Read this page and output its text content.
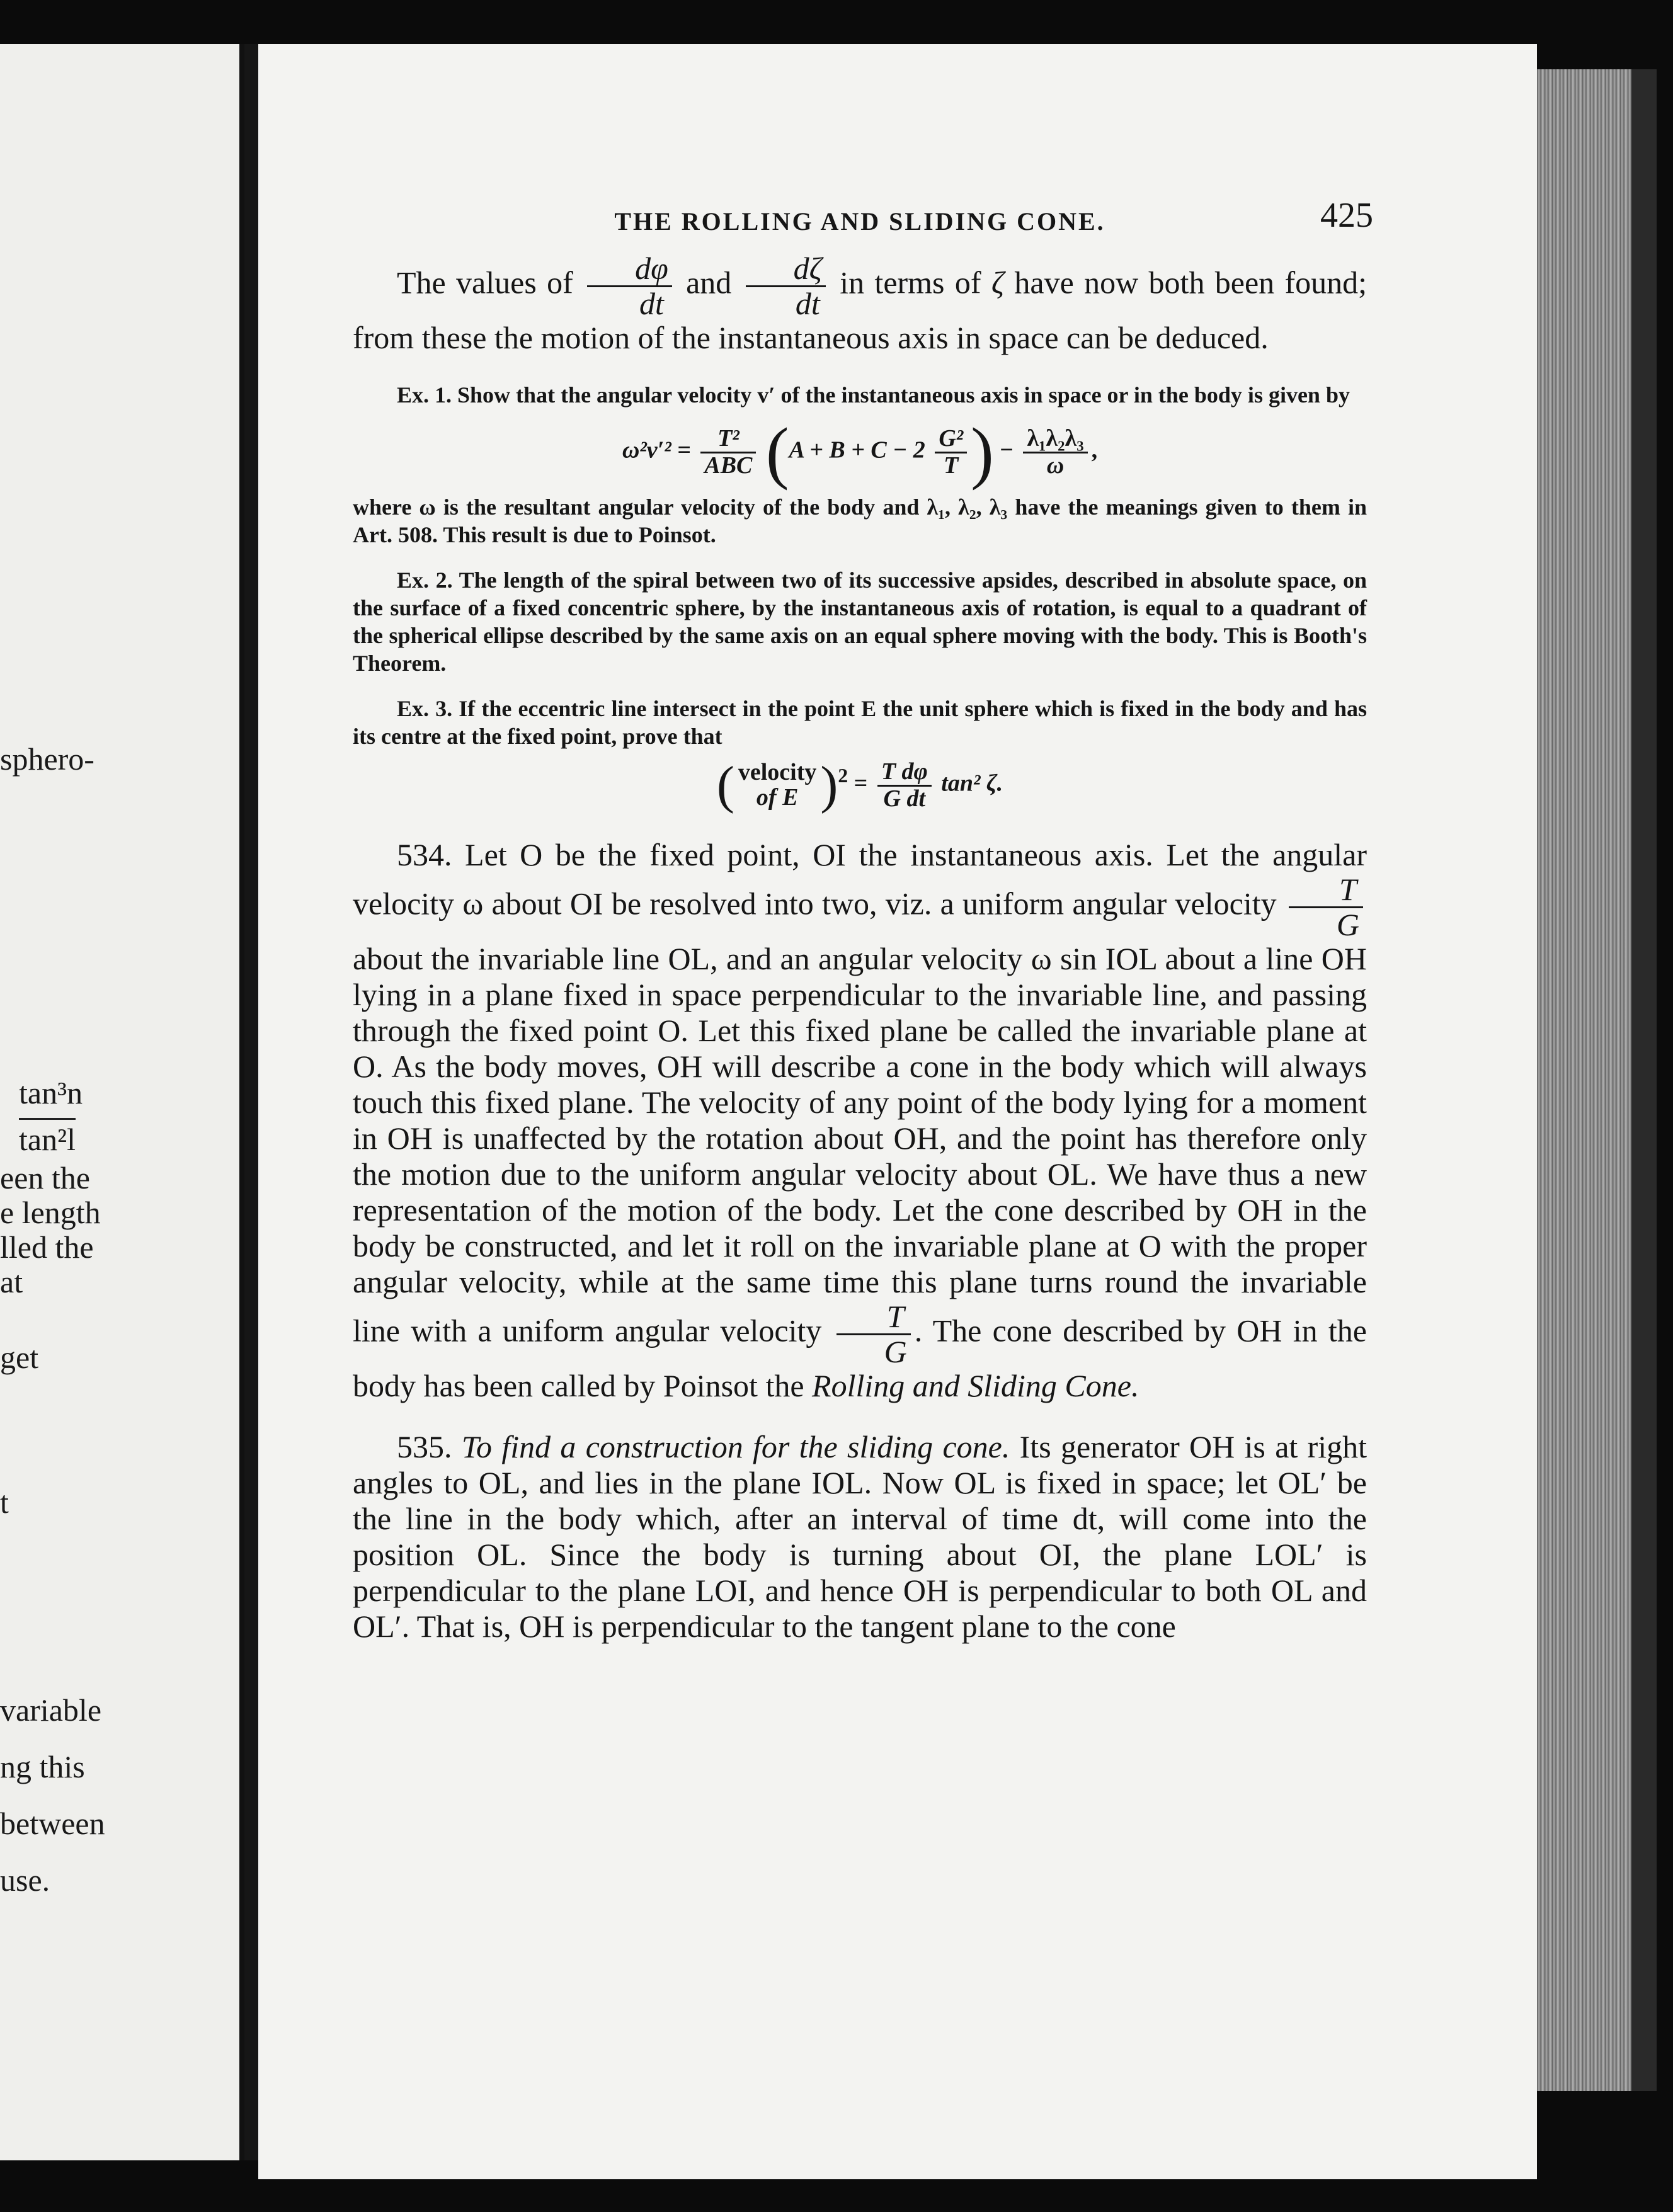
sphero-
tan³n
tan²l
een the
e length
lled the
at
get
t
variable
ng this
between
use.
THE ROLLING AND SLIDING CONE.	425

The values of $\frac{d\varphi}{dt}$ and $\frac{d\zeta}{dt}$ in terms of ζ have now both been found; from these the motion of the instantaneous axis in space can be deduced.

Ex. 1. Show that the angular velocity v′ of the instantaneous axis in space or in the body is given by

$\omega^2v'^2 = \frac{\text{T²}}{\text{ABC}} (A + B + C - 2 \frac{\text{G²}}{T}$ ) − $\frac{\text{λ₁λ₂λ₃}}{\omega}$ ,

where ω is the resultant angular velocity of the body and λ₁, λ₂, λ₃ have the meanings given to them in Art. 508. This result is due to Poinsot.

Ex. 2. The length of the spiral between two of its successive apsides, described in absolute space, on the surface of a fixed concentric sphere, by the instantaneous axis of rotation, is equal to a quadrant of the spherical ellipse described by the same axis on an equal sphere moving with the body. This is Booth's Theorem.

Ex. 3. If the eccentric line intersect in the point E the unit sphere which is fixed in the body and has its centre at the fixed point, prove that

( velocity
of E )$^2 = \frac{\text{T dφ}}{\text{G dt}} \tan^2$ ζ.

534. Let O be the fixed point, OI the instantaneous axis. Let the angular velocity ω about OI be resolved into two, viz. a uniform angular velocity $\frac{T}{G}$
about the invariable line OL, and an angular velocity ω sin IOL about a line OH lying in a plane fixed in space perpendicular to the invariable line, and passing through the fixed point O. Let this fixed plane be called the invariable plane at O. As the body moves, OH will describe a cone in the body which will always touch this fixed plane. The velocity of any point of the body lying for a moment in OH is unaffected by the rotation about OH, and the point has therefore only the motion due to the uniform angular velocity about OL. We have thus a new representation of the motion of the body. Let the cone described by OH in the body be constructed, and let it roll on the invariable plane at O with the proper angular velocity, while at the same time this plane turns round the invariable line with a uniform angular velocity $\frac{T}{G}$ . The cone described by OH in the body has been called by Poinsot the Rolling and Sliding Cone.

535. To find a construction for the sliding cone. Its generator OH is at right angles to OL, and lies in the plane IOL. Now OL is fixed in space; let OL′ be the line in the body which, after an interval of time dt, will come into the position OL. Since the body is turning about OI, the plane LOL′ is perpendicular to the plane LOI, and hence OH is perpendicular to both OL and OL′. That is, OH is perpendicular to the tangent plane to the cone
